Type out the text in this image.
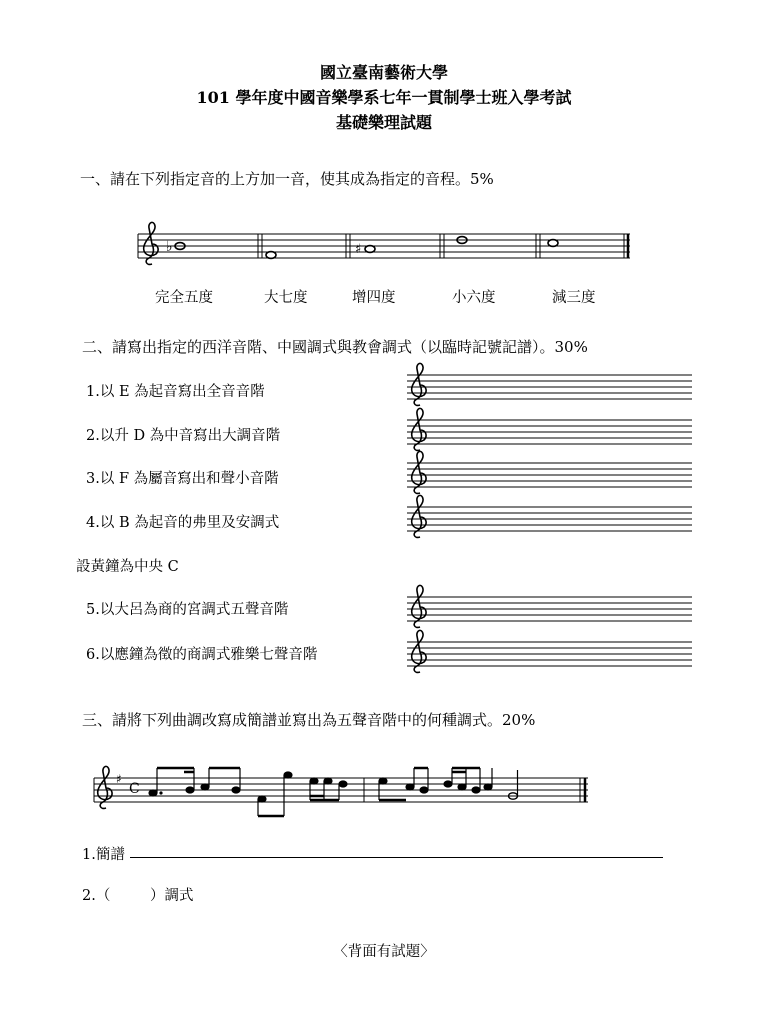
國立臺南藝術大學
101 學年度中國音樂學系七年一貫制學士班入學考試
基礎樂理試題
一、請在下列指定音的上方加一音，使其成為指定的音程。5%
♭	♯
完全五度	大七度	增四度	小六度	減三度
二、請寫出指定的西洋音階、中國調式與教會調式（以臨時記號記譜）。30%
1.以 E 為起音寫出全音音階
2.以升 D 為中音寫出大調音階
3.以 F 為屬音寫出和聲小音階
4.以 B 為起音的弗里及安調式
設黃鐘為中央 C
5.以大呂為商的宮調式五聲音階
6.以應鐘為徵的商調式雅樂七聲音階
三、請將下列曲調改寫成簡譜並寫出為五聲音階中的何種調式。20%
♯
C
1.簡譜
2.（	）調式
〈背面有試題〉
